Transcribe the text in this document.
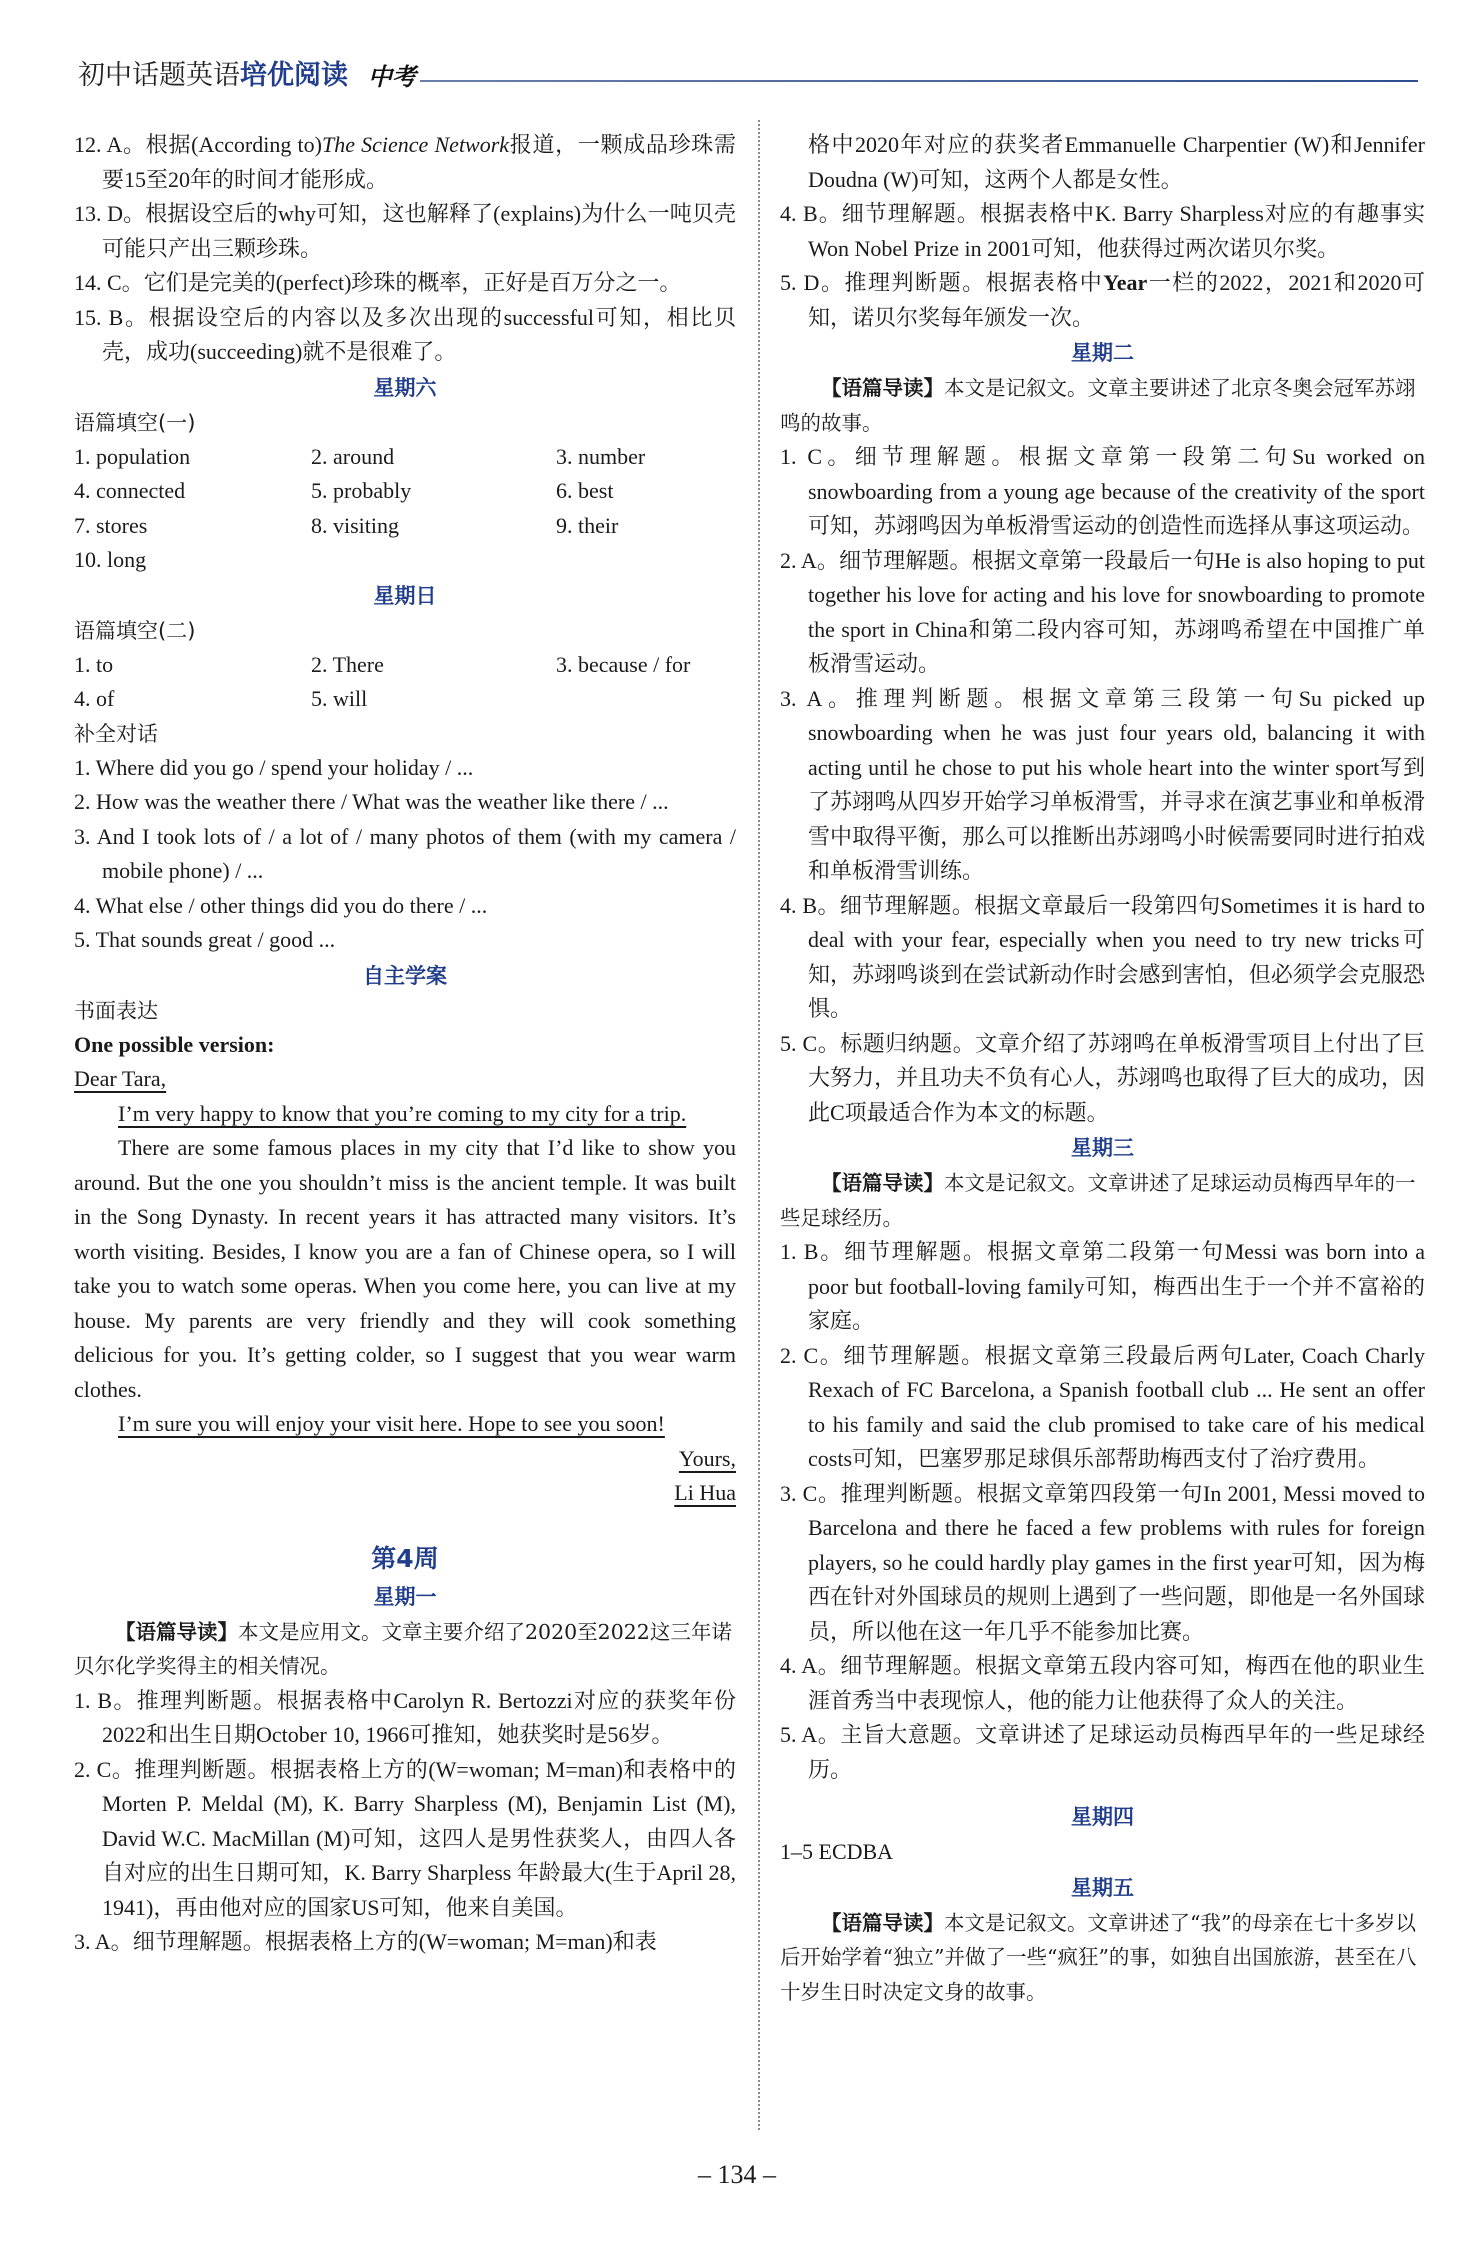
初中话题英语 培优阅读 中考
12. A。根据(According to)The Science Network报道，一颗成品珍珠需要15至20年的时间才能形成。
13. D。根据设空后的why可知，这也解释了(explains)为什么一吨贝壳可能只产出三颗珍珠。
14. C。它们是完美的(perfect)珍珠的概率，正好是百万分之一。
15. B。根据设空后的内容以及多次出现的successful可知，相比贝壳，成功(succeeding)就不是很难了。
星期六
语篇填空(一)
1. population	2. around	3. number
4. connected	5. probably	6. best
7. stores	8. visiting	9. their
10. long
星期日
语篇填空(二)
1. to	2. There	3. because / for
4. of	5. will
补全对话
1. Where did you go / spend your holiday / ...
2. How was the weather there / What was the weather like there / ...
3. And I took lots of / a lot of / many photos of them (with my camera / mobile phone) / ...
4. What else / other things did you do there / ...
5. That sounds great / good ...
自主学案
书面表达
One possible version:
Dear Tara,
I’m very happy to know that you’re coming to my city for a trip.
There are some famous places in my city that I’d like to show you around. But the one you shouldn’t miss is the ancient temple. It was built in the Song Dynasty. In recent years it has attracted many visitors. It’s worth visiting. Besides, I know you are a fan of Chinese opera, so I will take you to watch some operas. When you come here, you can live at my house. My parents are very friendly and they will cook something delicious for you. It’s getting colder, so I suggest that you wear warm clothes.
I’m sure you will enjoy your visit here. Hope to see you soon!
Yours,
Li Hua
第4周
星期一
【语篇导读】本文是应用文。文章主要介绍了2020至2022这三年诺贝尔化学奖得主的相关情况。
1. B。推理判断题。根据表格中Carolyn R. Bertozzi对应的获奖年份2022和出生日期October 10, 1966可推知，她获奖时是56岁。
2. C。推理判断题。根据表格上方的(W=woman; M=man)和表格中的Morten P. Meldal (M), K. Barry Sharpless (M), Benjamin List (M), David W.C. MacMillan (M)可知，这四人是男性获奖人，由四人各自对应的出生日期可知，K. Barry Sharpless 年龄最大(生于April 28, 1941)，再由他对应的国家US可知，他来自美国。
3. A。细节理解题。根据表格上方的(W=woman; M=man)和表
格中2020年对应的获奖者Emmanuelle Charpentier (W)和Jennifer Doudna (W)可知，这两个人都是女性。
4. B。细节理解题。根据表格中K. Barry Sharpless对应的有趣事实Won Nobel Prize in 2001可知，他获得过两次诺贝尔奖。
5. D。推理判断题。根据表格中Year一栏的2022，2021和2020可知，诺贝尔奖每年颁发一次。
星期二
【语篇导读】本文是记叙文。文章主要讲述了北京冬奥会冠军苏翊鸣的故事。
1. C。细节理解题。根据文章第一段第二句Su worked on snowboarding from a young age because of the creativity of the sport可知，苏翊鸣因为单板滑雪运动的创造性而选择从事这项运动。
2. A。细节理解题。根据文章第一段最后一句He is also hoping to put together his love for acting and his love for snowboarding to promote the sport in China和第二段内容可知，苏翊鸣希望在中国推广单板滑雪运动。
3. A。推理判断题。根据文章第三段第一句Su picked up snowboarding when he was just four years old, balancing it with acting until he chose to put his whole heart into the winter sport写到了苏翊鸣从四岁开始学习单板滑雪，并寻求在演艺事业和单板滑雪中取得平衡，那么可以推断出苏翊鸣小时候需要同时进行拍戏和单板滑雪训练。
4. B。细节理解题。根据文章最后一段第四句Sometimes it is hard to deal with your fear, especially when you need to try new tricks可知，苏翊鸣谈到在尝试新动作时会感到害怕，但必须学会克服恐惧。
5. C。标题归纳题。文章介绍了苏翊鸣在单板滑雪项目上付出了巨大努力，并且功夫不负有心人，苏翊鸣也取得了巨大的成功，因此C项最适合作为本文的标题。
星期三
【语篇导读】本文是记叙文。文章讲述了足球运动员梅西早年的一些足球经历。
1. B。细节理解题。根据文章第二段第一句Messi was born into a poor but football-loving family可知，梅西出生于一个并不富裕的家庭。
2. C。细节理解题。根据文章第三段最后两句Later, Coach Charly Rexach of FC Barcelona, a Spanish football club ... He sent an offer to his family and said the club promised to take care of his medical costs可知，巴塞罗那足球俱乐部帮助梅西支付了治疗费用。
3. C。推理判断题。根据文章第四段第一句In 2001, Messi moved to Barcelona and there he faced a few problems with rules for foreign players, so he could hardly play games in the first year可知，因为梅西在针对外国球员的规则上遇到了一些问题，即他是一名外国球员，所以他在这一年几乎不能参加比赛。
4. A。细节理解题。根据文章第五段内容可知，梅西在他的职业生涯首秀当中表现惊人，他的能力让他获得了众人的关注。
5. A。主旨大意题。文章讲述了足球运动员梅西早年的一些足球经历。
星期四
1–5 ECDBA
星期五
【语篇导读】本文是记叙文。文章讲述了“我”的母亲在七十多岁以后开始学着“独立”并做了一些“疯狂”的事，如独自出国旅游，甚至在八十岁生日时决定文身的故事。
– 134 –
